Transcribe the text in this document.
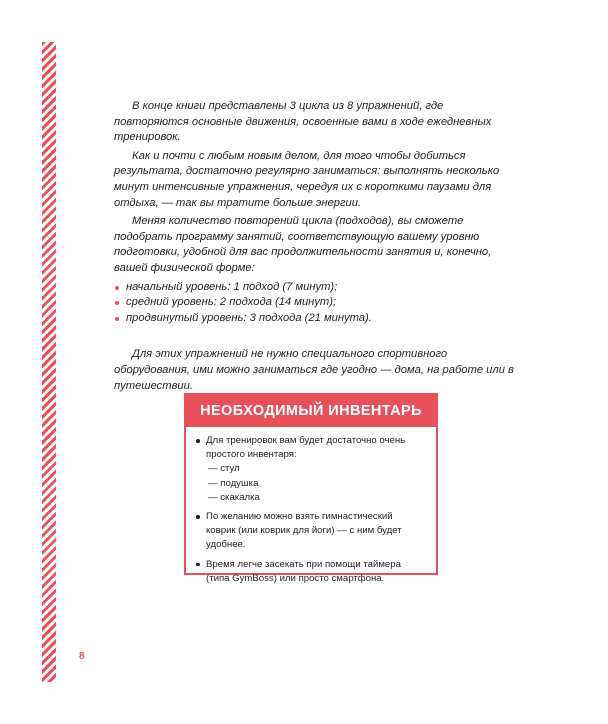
В конце книги представлены 3 цикла из 8 упражнений, где повторяются основные движения, освоенные вами в ходе ежедневных тренировок.

Как и почти с любым новым делом, для того чтобы добиться результата, достаточно регулярно заниматься: выполнять несколько минут интенсивные упражнения, чередуя их с короткими паузами для отдыха, — так вы тратите больше энергии.

Меняя количество повторений цикла (подходов), вы сможете подобрать программу занятий, соответствующую вашему уровню подготовки, удобной для вас продолжительности занятия и, конечно, вашей физической форме:

начальный уровень: 1 подход (7 минут);
средний уровень: 2 подхода (14 минут);
продвинутый уровень: 3 подхода (21 минута).

Для этих упражнений не нужно специального спортивного оборудования, ими можно заниматься где угодно — дома, на работе или в путешествии.

НЕОБХОДИМЫЙ ИНВЕНТАРЬ
Для тренировок вам будет достаточно очень простого инвентаря:
— стул
— подушка
— скакалка
По желанию можно взять гимнастический коврик (или коврик для йоги) — с ним будет удобнее.
Время легче засекать при помощи таймера (типа GymBoss) или просто смартфона.
8
